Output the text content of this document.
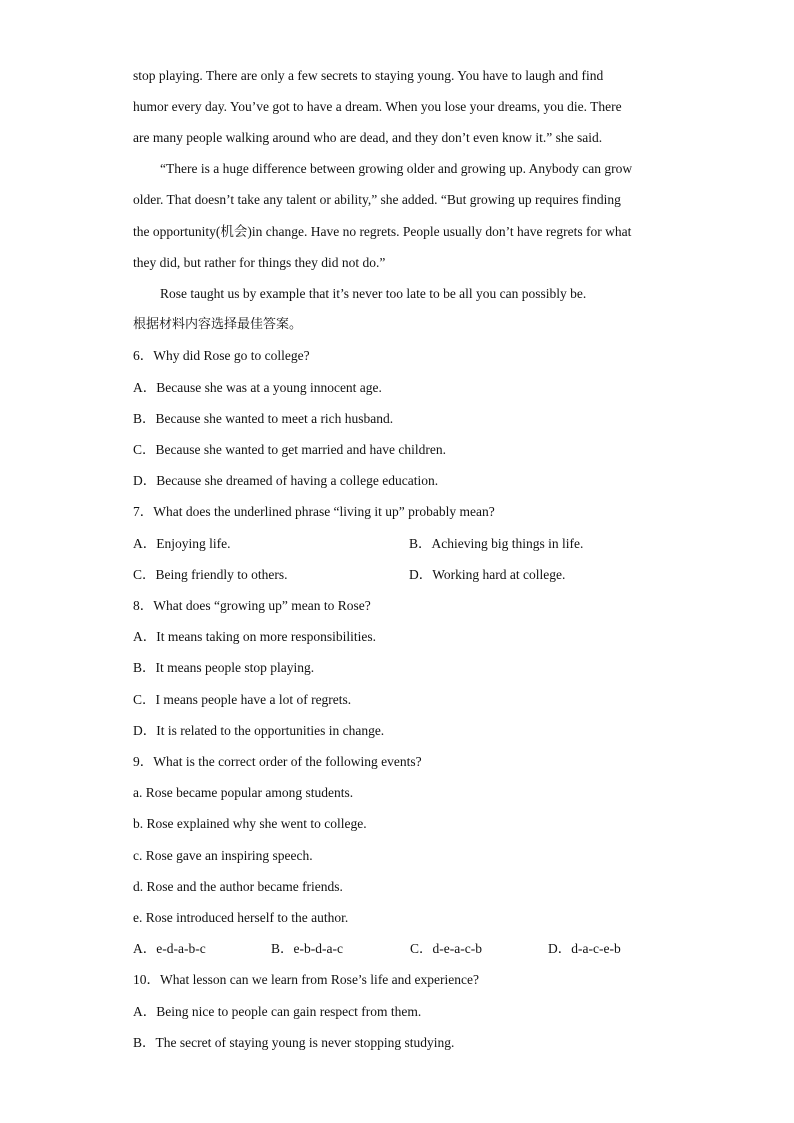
stop playing. There are only a few secrets to staying young. You have to laugh and find
humor every day. You’ve got to have a dream. When you lose your dreams, you die. There
are many people walking around who are dead, and they don’t even know it.” she said.
“There is a huge difference between growing older and growing up. Anybody can grow
older. That doesn’t take any talent or ability,” she added. “But growing up requires finding
the opportunity(机会)in change. Have no regrets. People usually don’t have regrets for what
they did, but rather for things they did not do.”
Rose taught us by example that it’s never too late to be all you can possibly be.
根据材料内容选择最佳答案。
6．Why did Rose go to college?
A．Because she was at a young innocent age.
B．Because she wanted to meet a rich husband.
C．Because she wanted to get married and have children.
D．Because she dreamed of having a college education.
7．What does the underlined phrase “living it up” probably mean?
A．Enjoying life.	B．Achieving big things in life.
C．Being friendly to others.	D．Working hard at college.
8．What does “growing up” mean to Rose?
A．It means taking on more responsibilities.
B．It means people stop playing.
C．I means people have a lot of regrets.
D．It is related to the opportunities in change.
9．What is the correct order of the following events?
a. Rose became popular among students.
b. Rose explained why she went to college.
c. Rose gave an inspiring speech.
d. Rose and the author became friends.
e. Rose introduced herself to the author.
A．e-d-a-b-c	B．e-b-d-a-c	C．d-e-a-c-b	D．d-a-c-e-b
10．What lesson can we learn from Rose’s life and experience?
A．Being nice to people can gain respect from them.
B．The secret of staying young is never stopping studying.
